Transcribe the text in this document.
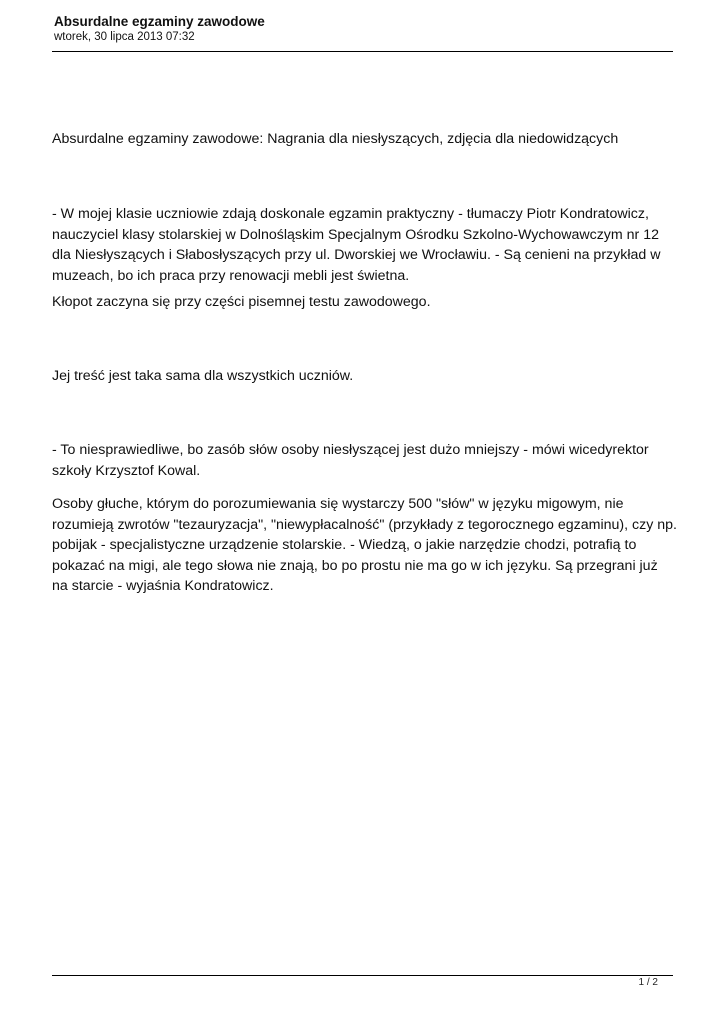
Absurdalne egzaminy zawodowe

wtorek, 30 lipca 2013 07:32

Absurdalne egzaminy zawodowe: Nagrania dla niesłyszących, zdjęcia dla niedowidzących

- W mojej klasie uczniowie zdają doskonale egzamin praktyczny - tłumaczy Piotr Kondratowicz, nauczyciel klasy stolarskiej w Dolnośląskim Specjalnym Ośrodku Szkolno-Wychowawczym nr 12 dla Niesłyszących i Słabosłyszących przy ul. Dworskiej we Wrocławiu. - Są cenieni na przykład w muzeach, bo ich praca przy renowacji mebli jest świetna.

Kłopot zaczyna się przy części pisemnej testu zawodowego.

Jej treść jest taka sama dla wszystkich uczniów.

- To niesprawiedliwe, bo zasób słów osoby niesłyszącej jest dużo mniejszy - mówi wicedyrektor szkoły Krzysztof Kowal.

Osoby głuche, którym do porozumiewania się wystarczy 500 "słów" w języku migowym, nie rozumieją zwrotów "tezauryzacja", "niewypłacalność" (przykłady z tegorocznego egzaminu), czy np. pobijak - specjalistyczne urządzenie stolarskie. - Wiedzą, o jakie narzędzie chodzi, potrafią to pokazać na migi, ale tego słowa nie znają, bo po prostu nie ma go w ich języku. Są przegrani już na starcie - wyjaśnia Kondratowicz.

1 / 2
